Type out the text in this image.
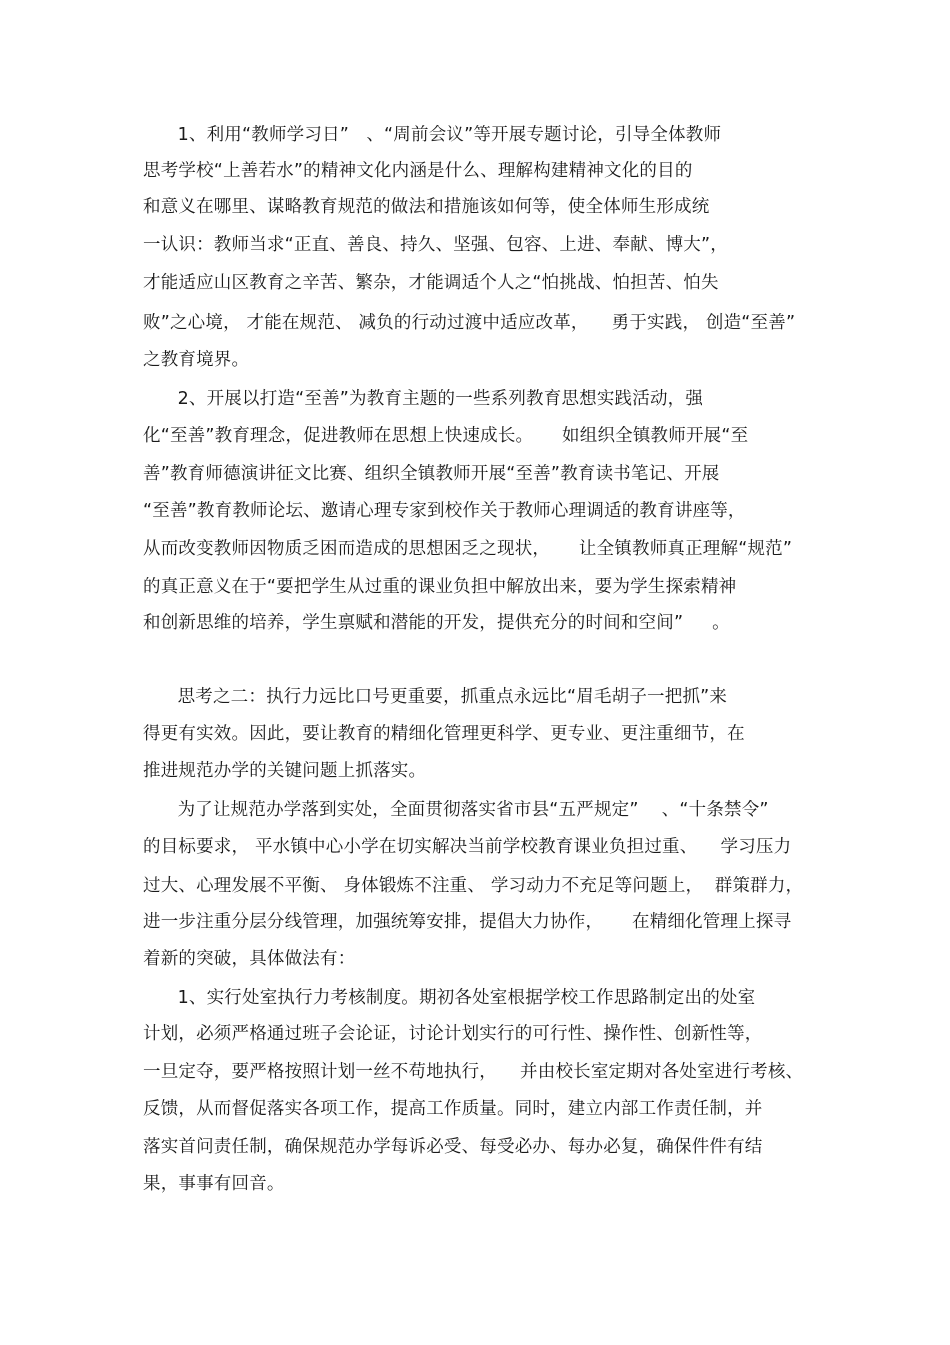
1、利用“教师学习日”   、“周前会议”等开展专题讨论，引导全体教师
思考学校“上善若水”的精神文化内涵是什么、理解构建精神文化的目的
和意义在哪里、谋略教育规范的做法和措施该如何等，使全体师生形成统
一认识：教师当求“正直、善良、持久、坚强、包容、上进、奉献、博大”，
才能适应山区教育之辛苦、繁杂，才能调适个人之“怕挑战、怕担苦、怕失
败”之心境， 才能在规范、 减负的行动过渡中适应改革，    勇于实践， 创造“至善”
之教育境界。
2、开展以打造“至善”为教育主题的一些系列教育思想实践活动，强
化“至善”教育理念，促进教师在思想上快速成长。     如组织全镇教师开展“至
善”教育师德演讲征文比赛、组织全镇教师开展“至善”教育读书笔记、开展
“至善”教育教师论坛、邀请心理专家到校作关于教师心理调适的教育讲座等，
从而改变教师因物质乏困而造成的思想困乏之现状，     让全镇教师真正理解“规范”
的真正意义在于“要把学生从过重的课业负担中解放出来，要为学生探索精神
和创新思维的培养，学生禀赋和潜能的开发，提供充分的时间和空间”     。
思考之二：执行力远比口号更重要，抓重点永远比“眉毛胡子一把抓”来
得更有实效。因此，要让教育的精细化管理更科学、更专业、更注重细节，在
推进规范办学的关键问题上抓落实。
为了让规范办学落到实处，全面贯彻落实省市县“五严规定”    、“十条禁令”
的目标要求， 平水镇中心小学在切实解决当前学校教育课业负担过重、    学习压力
过大、心理发展不平衡、 身体锻炼不注重、 学习动力不充足等问题上，  群策群力，
进一步注重分层分线管理，加强统筹安排，提倡大力协作，     在精细化管理上探寻
着新的突破，具体做法有：
1、实行处室执行力考核制度。期初各处室根据学校工作思路制定出的处室
计划，必须严格通过班子会论证，讨论计划实行的可行性、操作性、创新性等，
一旦定夺，要严格按照计划一丝不苟地执行，    并由校长室定期对各处室进行考核、
反馈，从而督促落实各项工作，提高工作质量。同时，建立内部工作责任制，并
落实首问责任制，确保规范办学每诉必受、每受必办、每办必复，确保件件有结
果，事事有回音。
